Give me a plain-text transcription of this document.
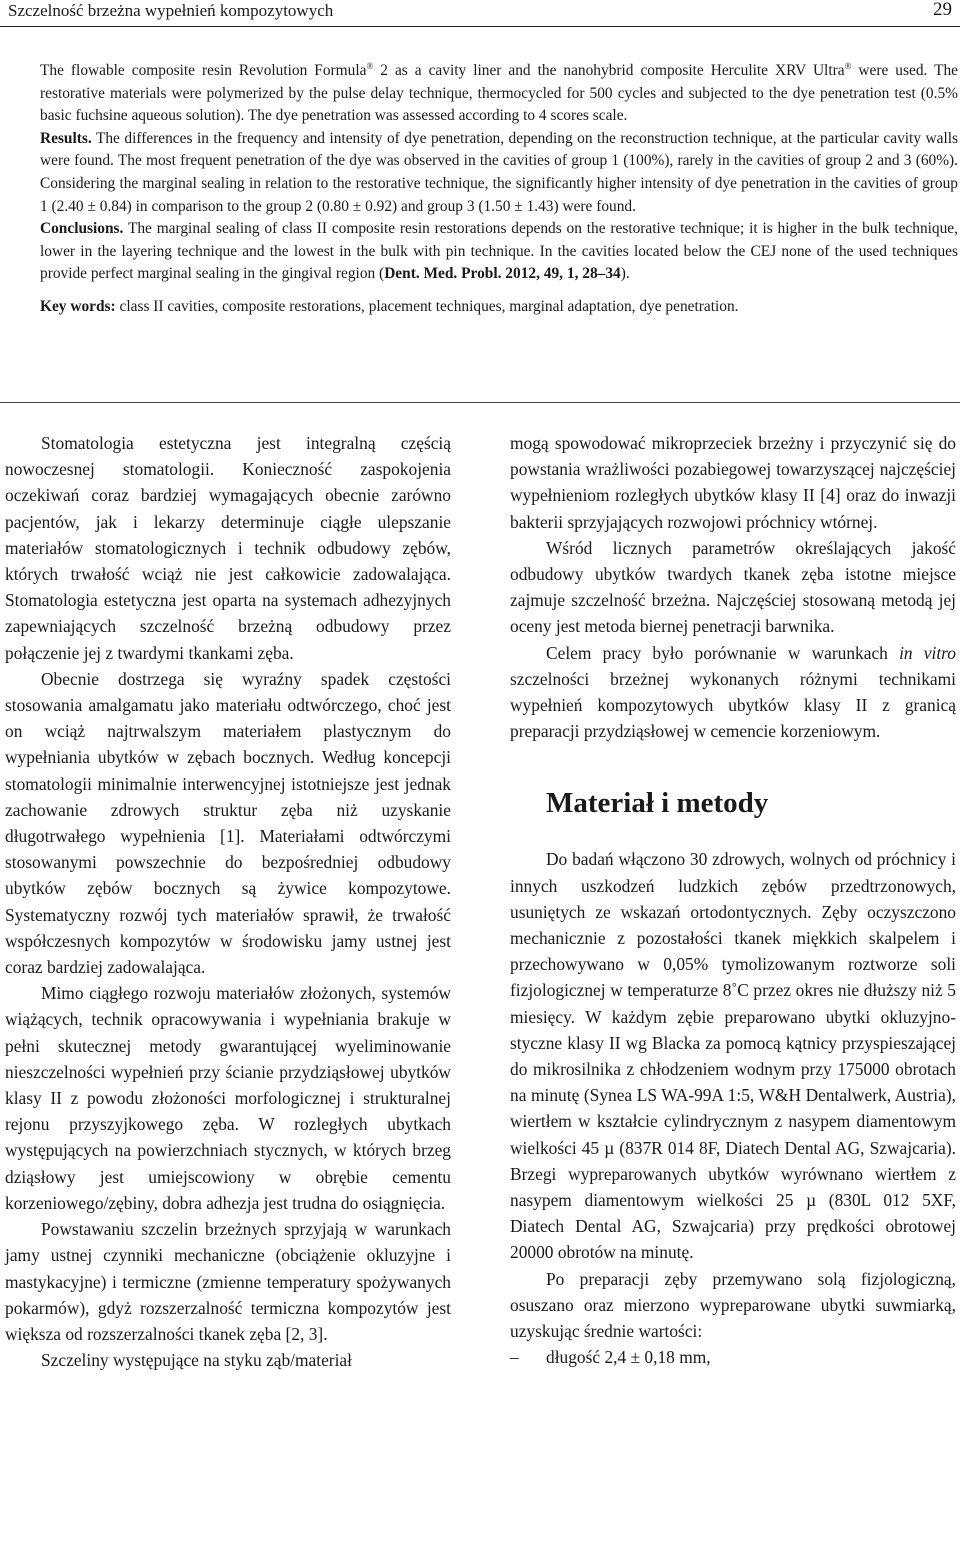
Szczelność brzeżna wypełnień kompozytowych	29

The flowable composite resin Revolution Formula® 2 as a cavity liner and the nanohybrid composite Herculite XRV Ultra® were used. The restorative materials were polymerized by the pulse delay technique, thermocycled for 500 cycles and subjected to the dye penetration test (0.5% basic fuchsine aqueous solution). The dye penetration was assessed according to 4 scores scale.

Results. The differences in the frequency and intensity of dye penetration, depending on the reconstruction technique, at the particular cavity walls were found. The most frequent penetration of the dye was observed in the cavities of group 1 (100%), rarely in the cavities of group 2 and 3 (60%). Considering the marginal sealing in relation to the restorative technique, the significantly higher intensity of dye penetration in the cavities of group 1 (2.40 ± 0.84) in comparison to the group 2 (0.80 ± 0.92) and group 3 (1.50 ± 1.43) were found.

Conclusions. The marginal sealing of class II composite resin restorations depends on the restorative technique; it is higher in the bulk technique, lower in the layering technique and the lowest in the bulk with pin technique. In the cavities located below the CEJ none of the used techniques provide perfect marginal sealing in the gingival region (Dent. Med. Probl. 2012, 49, 1, 28–34).

Key words: class II cavities, composite restorations, placement techniques, marginal adaptation, dye penetration.

Stomatologia estetyczna jest integralną częścią nowoczesnej stomatologii. Konieczność zaspokojenia oczekiwań coraz bardziej wymagających obecnie zarówno pacjentów, jak i lekarzy determinuje ciągłe ulepszanie materiałów stomatologicznych i technik odbudowy zębów, których trwałość wciąż nie jest całkowicie zadowalająca. Stomatologia estetyczna jest oparta na systemach adhezyjnych zapewniających szczelność brzeżną odbudowy przez połączenie jej z twardymi tkankami zęba.

Obecnie dostrzega się wyraźny spadek częstości stosowania amalgamatu jako materiału odtwórczego, choć jest on wciąż najtrwalszym materiałem plastycznym do wypełniania ubytków w zębach bocznych. Według koncepcji stomatologii minimalnie interwencyjnej istotniejsze jest jednak zachowanie zdrowych struktur zęba niż uzyskanie długotrwałego wypełnienia [1]. Materiałami odtwórczymi stosowanymi powszechnie do bezpośredniej odbudowy ubytków zębów bocznych są żywice kompozytowe. Systematyczny rozwój tych materiałów sprawił, że trwałość współczesnych kompozytów w środowisku jamy ustnej jest coraz bardziej zadowalająca.

Mimo ciągłego rozwoju materiałów złożonych, systemów wiążących, technik opracowywania i wypełniania brakuje w pełni skutecznej metody gwarantującej wyeliminowanie nieszczelności wypełnień przy ścianie przydziąsłowej ubytków klasy II z powodu złożoności morfologicznej i strukturalnej rejonu przyszyjkowego zęba. W rozległych ubytkach występujących na powierzchniach stycznych, w których brzeg dziąsłowy jest umiejscowiony w obrębie cementu korzeniowego/zębiny, dobra adhezja jest trudna do osiągnięcia.

Powstawaniu szczelin brzeżnych sprzyjają w warunkach jamy ustnej czynniki mechaniczne (obciążenie okluzyjne i mastykacyjne) i termiczne (zmienne temperatury spożywanych pokarmów), gdyż rozszerzalność termiczna kompozytów jest większa od rozszerzalności tkanek zęba [2, 3].

Szczeliny występujące na styku ząb/materiał

mogą spowodować mikroprzeciek brzeżny i przyczynić się do powstania wrażliwości pozabiegowej towarzyszącej najczęściej wypełnieniom rozległych ubytków klasy II [4] oraz do inwazji bakterii sprzyjających rozwojowi próchnicy wtórnej.

Wśród licznych parametrów określających jakość odbudowy ubytków twardych tkanek zęba istotne miejsce zajmuje szczelność brzeżna. Najczęściej stosowaną metodą jej oceny jest metoda biernej penetracji barwnika.

Celem pracy było porównanie w warunkach in vitro szczelności brzeżnej wykonanych różnymi technikami wypełnień kompozytowych ubytków klasy II z granicą preparacji przydziąsłowej w cemencie korzeniowym.

Materiał i metody

Do badań włączono 30 zdrowych, wolnych od próchnicy i innych uszkodzeń ludzkich zębów przedtrzonowych, usuniętych ze wskazań ortodontycznych. Zęby oczyszczono mechanicznie z pozostałości tkanek miękkich skalpelem i przechowywano w 0,05% tymolizowanym roztworze soli fizjologicznej w temperaturze 8˚C przez okres nie dłuższy niż 5 miesięcy. W każdym zębie preparowano ubytki okluzyjno-styczne klasy II wg Blacka za pomocą kątnicy przyspieszającej do mikrosilnika z chłodzeniem wodnym przy 175000 obrotach na minutę (Synea LS WA-99A 1:5, W&H Dentalwerk, Austria), wiertłem w kształcie cylindrycznym z nasypem diamentowym wielkości 45 µ (837R 014 8F, Diatech Dental AG, Szwajcaria). Brzegi wypreparowanych ubytków wyrównano wiertłem z nasypem diamentowym wielkości 25 µ (830L 012 5XF, Diatech Dental AG, Szwajcaria) przy prędkości obrotowej 20000 obrotów na minutę.

Po preparacji zęby przemywano solą fizjologiczną, osuszano oraz mierzono wypreparowane ubytki suwmiarką, uzyskując średnie wartości:

– długość 2,4 ± 0,18 mm,
